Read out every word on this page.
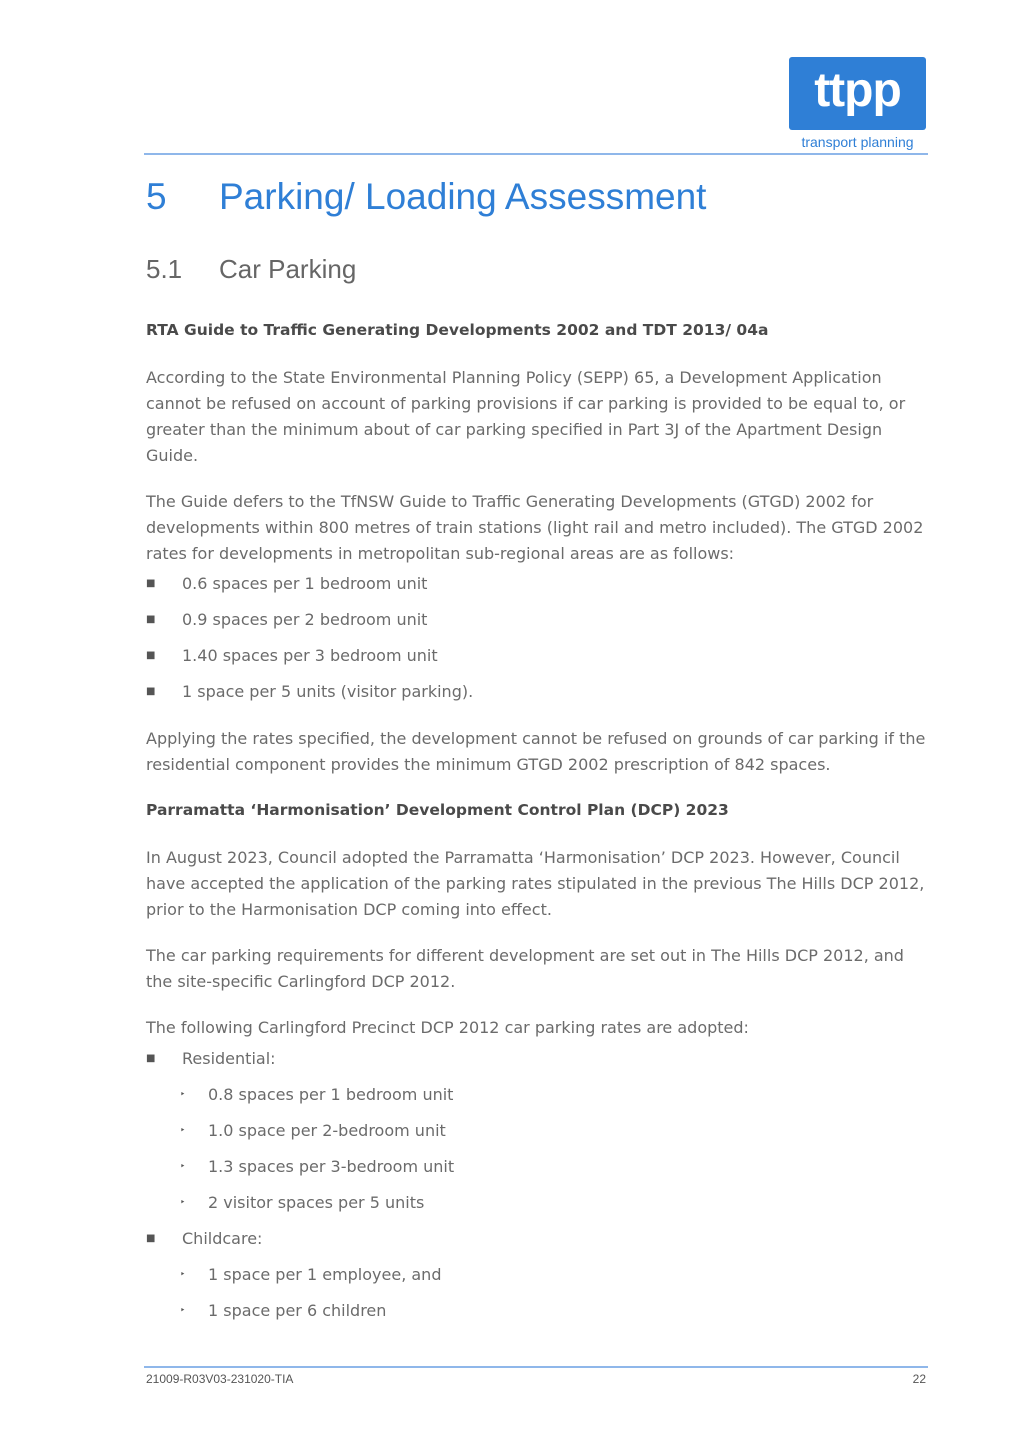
ttpp
transport planning
5 Parking/ Loading Assessment
5.1 Car Parking
RTA Guide to Traffic Generating Developments 2002 and TDT 2013/ 04a
According to the State Environmental Planning Policy (SEPP) 65, a Development Application cannot be refused on account of parking provisions if car parking is provided to be equal to, or greater than the minimum about of car parking specified in Part 3J of the Apartment Design Guide.
The Guide defers to the TfNSW Guide to Traffic Generating Developments (GTGD) 2002 for developments within 800 metres of train stations (light rail and metro included). The GTGD 2002 rates for developments in metropolitan sub-regional areas are as follows:
■ 0.6 spaces per 1 bedroom unit
■ 0.9 spaces per 2 bedroom unit
■ 1.40 spaces per 3 bedroom unit
■ 1 space per 5 units (visitor parking).
Applying the rates specified, the development cannot be refused on grounds of car parking if the residential component provides the minimum GTGD 2002 prescription of 842 spaces.
Parramatta ‘Harmonisation’ Development Control Plan (DCP) 2023
In August 2023, Council adopted the Parramatta ‘Harmonisation’ DCP 2023. However, Council have accepted the application of the parking rates stipulated in the previous The Hills DCP 2012, prior to the Harmonisation DCP coming into effect.
The car parking requirements for different development are set out in The Hills DCP 2012, and the site-specific Carlingford DCP 2012.
The following Carlingford Precinct DCP 2012 car parking rates are adopted:
■ Residential:
‣ 0.8 spaces per 1 bedroom unit
‣ 1.0 space per 2-bedroom unit
‣ 1.3 spaces per 3-bedroom unit
‣ 2 visitor spaces per 5 units
■ Childcare:
‣ 1 space per 1 employee, and
‣ 1 space per 6 children
21009-R03V03-231020-TIA	22
